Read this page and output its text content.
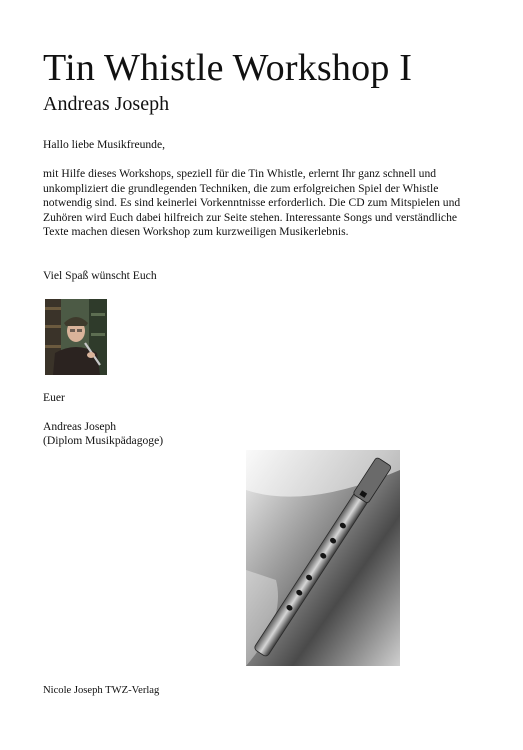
Tin Whistle Workshop I
Andreas Joseph
Hallo liebe Musikfreunde,
mit Hilfe dieses Workshops, speziell für die Tin Whistle, erlernt Ihr ganz schnell und unkompliziert die grundlegenden Techniken, die zum erfolgreichen Spiel der Whistle notwendig sind. Es sind keinerlei Vorkenntnisse erforderlich. Die CD zum Mitspielen und Zuhören wird Euch dabei hilfreich zur Seite stehen. Interessante Songs und verständliche Texte machen diesen Workshop zum kurzweiligen Musikerlebnis.
Viel Spaß wünscht Euch
Euer
Andreas Joseph
(Diplom Musikpädagoge)
Nicole Joseph TWZ-Verlag
